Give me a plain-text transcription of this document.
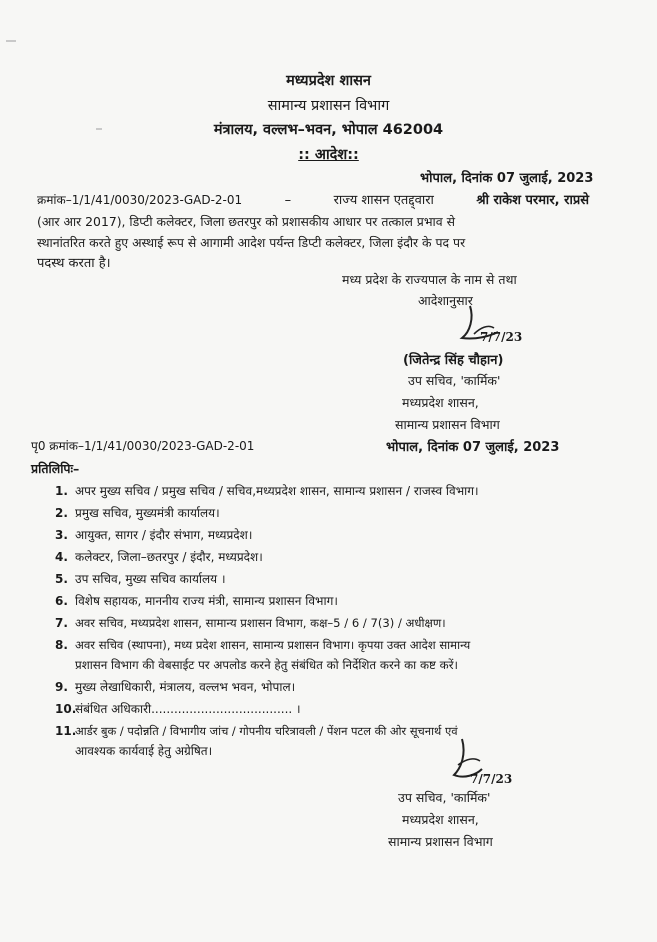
मध्यप्रदेश शासन
सामान्य प्रशासन विभाग
मंत्रालय, वल्लभ–भवन, भोपाल 462004
:: आदेश::
भोपाल, दिनांक 07 जुलाई, 2023
क्रमांक–1/1/41/0030/2023-GAD-2-01	–	राज्य शासन एतद्द्वारा	श्री राकेश परमार, राप्रसे
(आर आर 2017), डिप्टी कलेक्टर, जिला छतरपुर को प्रशासकीय आधार पर तत्काल प्रभाव से
स्थानांतरित करते हुए अस्थाई रूप से आगामी आदेश पर्यन्त डिप्टी कलेक्टर, जिला इंदौर के पद पर
पदस्थ करता है।
मध्य प्रदेश के राज्यपाल के नाम से तथा
आदेशानुसार
7/7/23
(जितेन्द्र सिंह चौहान)
उप सचिव, 'कार्मिक'
मध्यप्रदेश शासन,
सामान्य प्रशासन विभाग
पृ0 क्रमांक–1/1/41/0030/2023-GAD-2-01	भोपाल, दिनांक 07 जुलाई, 2023
प्रतिलिपिः–
1. अपर मुख्य सचिव / प्रमुख सचिव / सचिव,मध्यप्रदेश शासन, सामान्य प्रशासन / राजस्व विभाग।
2. प्रमुख सचिव, मुख्यमंत्री कार्यालय।
3. आयुक्त, सागर / इंदौर संभाग, मध्यप्रदेश।
4. कलेक्टर, जिला–छतरपुर / इंदौर, मध्यप्रदेश।
5. उप सचिव, मुख्य सचिव कार्यालय ।
6. विशेष सहायक, माननीय राज्य मंत्री, सामान्य प्रशासन विभाग।
7. अवर सचिव, मध्यप्रदेश शासन, सामान्य प्रशासन विभाग, कक्ष–5 / 6 / 7(3) / अधीक्षण।
8. अवर सचिव (स्थापना), मध्य प्रदेश शासन, सामान्य प्रशासन विभाग। कृपया उक्त आदेश सामान्य
प्रशासन विभाग की वेबसाईट पर अपलोड करने हेतु संबंधित को निर्देशित करने का कष्ट करें।
9. मुख्य लेखाधिकारी, मंत्रालय, वल्लभ भवन, भोपाल।
10.संबंधित अधिकारी..................................... ।
11.आर्डर बुक / पदोन्नति / विभागीय जांच / गोपनीय चरित्रावली / पेंशन पटल की ओर सूचनार्थ एवं
आवश्यक कार्यवाई हेतु अग्रेषित।
7/7/23
उप सचिव, 'कार्मिक'
मध्यप्रदेश शासन,
सामान्य प्रशासन विभाग
